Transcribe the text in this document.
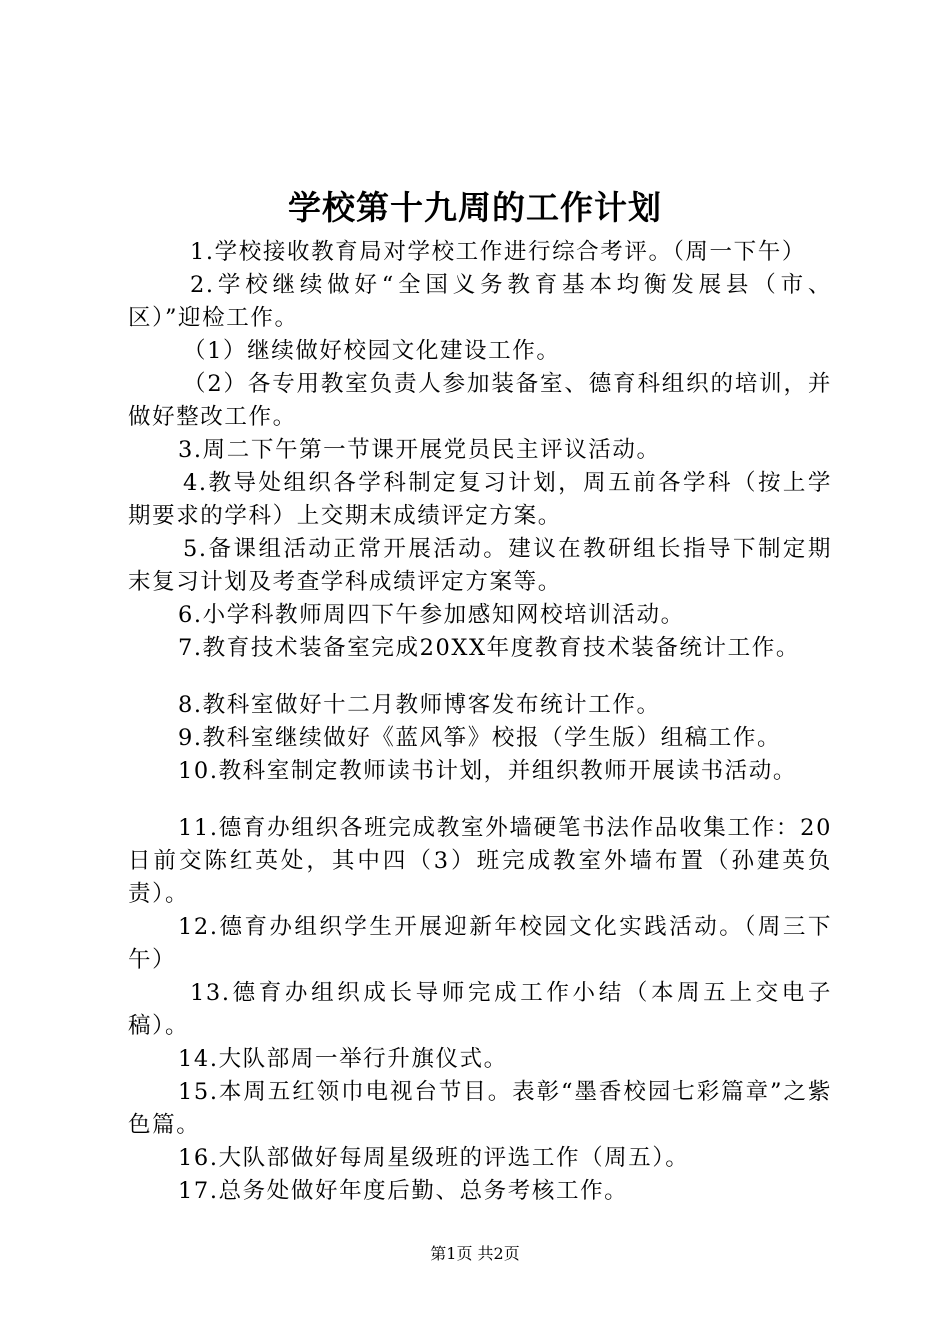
学校第十九周的工作计划

1.学校接收教育局对学校工作进行综合考评。（周一下午）

2.学校继续做好“全国义务教育基本均衡发展县（市、区）”迎检工作。

（1）继续做好校园文化建设工作。

（2）各专用教室负责人参加装备室、德育科组织的培训，并做好整改工作。

3.周二下午第一节课开展党员民主评议活动。

4.教导处组织各学科制定复习计划，周五前各学科（按上学期要求的学科）上交期末成绩评定方案。

5.备课组活动正常开展活动。建议在教研组长指导下制定期末复习计划及考查学科成绩评定方案等。

6.小学科教师周四下午参加感知网校培训活动。

7.教育技术装备室完成20XX年度教育技术装备统计工作。

8.教科室做好十二月教师博客发布统计工作。

9.教科室继续做好《蓝风筝》校报（学生版）组稿工作。

10.教科室制定教师读书计划，并组织教师开展读书活动。

11.德育办组织各班完成教室外墙硬笔书法作品收集工作：20日前交陈红英处，其中四（3）班完成教室外墙布置（孙建英负责）。

12.德育办组织学生开展迎新年校园文化实践活动。（周三下午）

13.德育办组织成长导师完成工作小结（本周五上交电子稿）。

14.大队部周一举行升旗仪式。

15.本周五红领巾电视台节目。表彰“墨香校园七彩篇章”之紫色篇。

16.大队部做好每周星级班的评选工作（周五）。

17.总务处做好年度后勤、总务考核工作。

第1页 共2页
